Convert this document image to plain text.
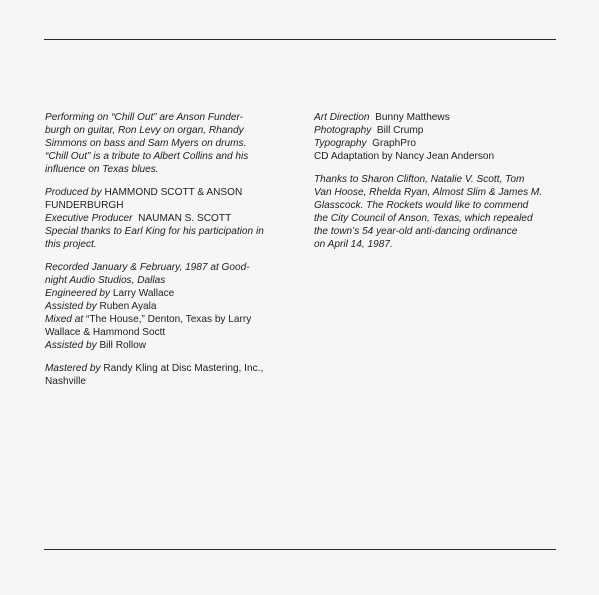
Performing on “Chill Out” are Anson Funder-
burgh on guitar, Ron Levy on organ, Rhandy
Simmons on bass and Sam Myers on drums.
“Chill Out” is a tribute to Albert Collins and his
influence on Texas blues.
Produced by HAMMOND SCOTT & ANSON
FUNDERBURGH
Executive Producer NAUMAN S. SCOTT
Special thanks to Earl King for his participation in
this project.
Recorded January & February, 1987 at Good-
night Audio Studios, Dallas
Engineered by Larry Wallace
Assisted by Ruben Ayala
Mixed at “The House,” Denton, Texas by Larry
Wallace & Hammond Soctt
Assisted by Bill Rollow
Mastered by Randy Kling at Disc Mastering, Inc.,
Nashville
Art Direction Bunny Matthews
Photography Bill Crump
Typography GraphPro
CD Adaptation by Nancy Jean Anderson
Thanks to Sharon Clifton, Natalie V. Scott, Tom
Van Hoose, Rhelda Ryan, Almost Slim & James M.
Glasscock. The Rockets would like to commend
the City Council of Anson, Texas, which repealed
the town’s 54 year-old anti-dancing ordinance
on April 14, 1987.
